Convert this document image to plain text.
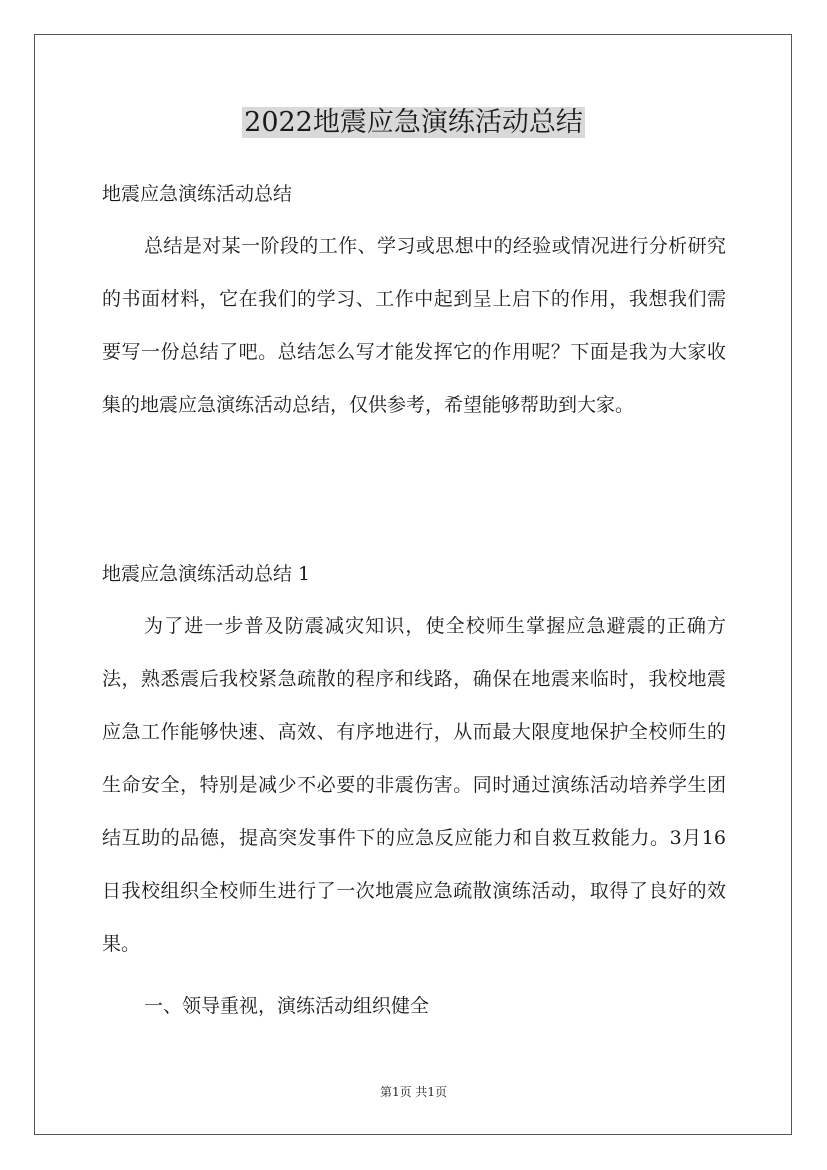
2022地震应急演练活动总结

地震应急演练活动总结

总结是对某一阶段的工作、学习或思想中的经验或情况进行分析研究的书面材料，它在我们的学习、工作中起到呈上启下的作用，我想我们需要写一份总结了吧。总结怎么写才能发挥它的作用呢？下面是我为大家收集的地震应急演练活动总结，仅供参考，希望能够帮助到大家。

地震应急演练活动总结 1

为了进一步普及防震减灾知识，使全校师生掌握应急避震的正确方法，熟悉震后我校紧急疏散的程序和线路，确保在地震来临时，我校地震应急工作能够快速、高效、有序地进行，从而最大限度地保护全校师生的生命安全，特别是减少不必要的非震伤害。同时通过演练活动培养学生团结互助的品德，提高突发事件下的应急反应能力和自救互救能力。3月16日我校组织全校师生进行了一次地震应急疏散演练活动，取得了良好的效果。

一、领导重视，演练活动组织健全

第1页 共1页
